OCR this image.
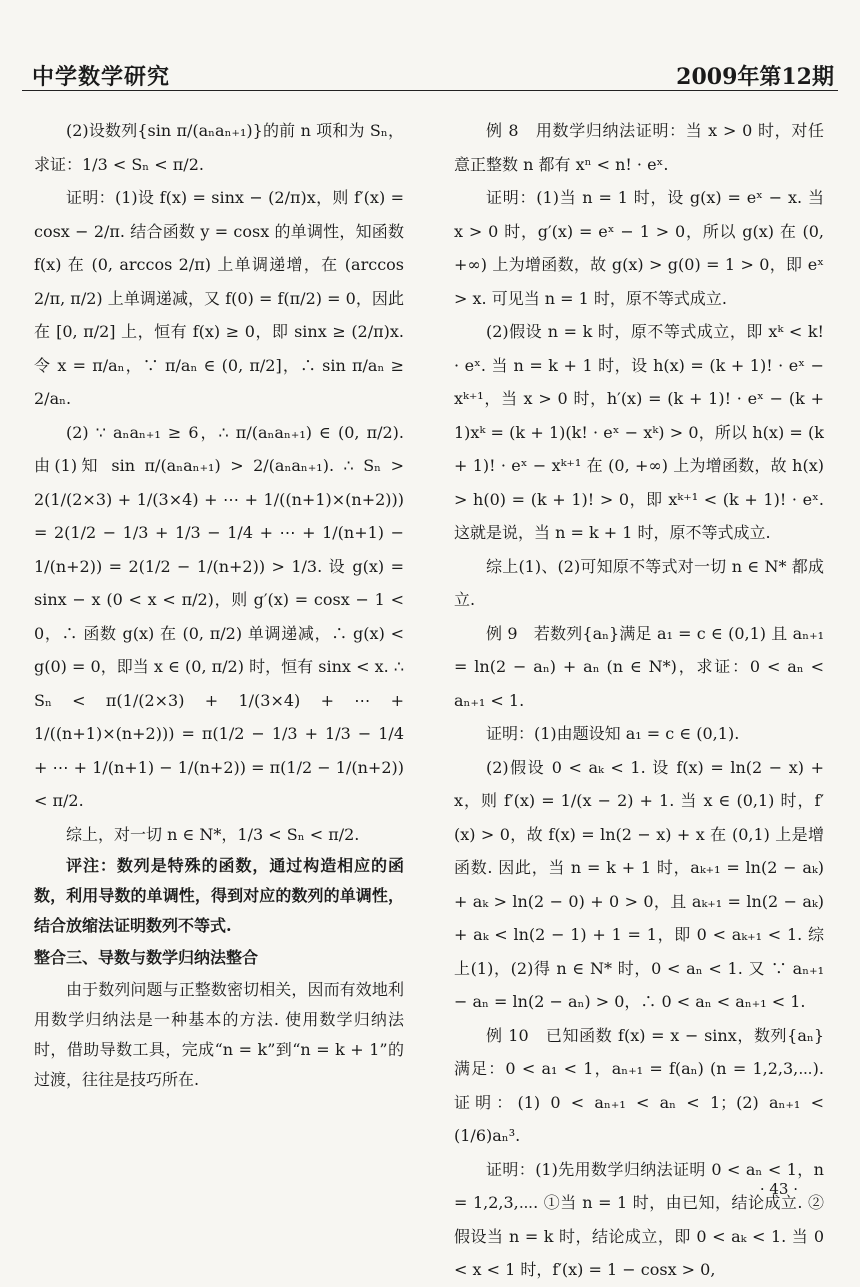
中学数学研究	2009年第12期

(2)设数列{sin π/(aₙaₙ₊₁)}的前 n 项和为 Sₙ，求证：1/3 < Sₙ < π/2.

证明：(1)设 f(x) = sinx − (2/π)x，则 f′(x) = cosx − 2/π. 结合函数 y = cosx 的单调性，知函数 f(x) 在 (0, arccos 2/π) 上单调递增，在 (arccos 2/π, π/2) 上单调递减，又 f(0) = f(π/2) = 0，因此在 [0, π/2] 上，恒有 f(x) ≥ 0，即 sinx ≥ (2/π)x. 令 x = π/aₙ，∵ π/aₙ ∈ (0, π/2]，∴ sin π/aₙ ≥ 2/aₙ.

(2) ∵ aₙaₙ₊₁ ≥ 6，∴ π/(aₙaₙ₊₁) ∈ (0, π/2). 由(1)知 sin π/(aₙaₙ₊₁) > 2/(aₙaₙ₊₁). ∴ Sₙ > 2(1/(2×3) + 1/(3×4) + ⋯ + 1/((n+1)×(n+2))) = 2(1/2 − 1/3 + 1/3 − 1/4 + ⋯ + 1/(n+1) − 1/(n+2)) = 2(1/2 − 1/(n+2)) > 1/3. 设 g(x) = sinx − x (0 < x < π/2)，则 g′(x) = cosx − 1 < 0，∴ 函数 g(x) 在 (0, π/2) 单调递减，∴ g(x) < g(0) = 0，即当 x ∈ (0, π/2) 时，恒有 sinx < x. ∴ Sₙ < π(1/(2×3) + 1/(3×4) + ⋯ + 1/((n+1)×(n+2))) = π(1/2 − 1/3 + 1/3 − 1/4 + ⋯ + 1/(n+1) − 1/(n+2)) = π(1/2 − 1/(n+2)) < π/2.

综上，对一切 n ∈ N*，1/3 < Sₙ < π/2.

评注：数列是特殊的函数，通过构造相应的函数，利用导数的单调性，得到对应的数列的单调性，结合放缩法证明数列不等式.

整合三、导数与数学归纳法整合

由于数列问题与正整数密切相关，因而有效地利用数学归纳法是一种基本的方法. 使用数学归纳法时，借助导数工具，完成“n = k”到“n = k + 1”的过渡，往往是技巧所在.

例 8　用数学归纳法证明：当 x > 0 时，对任意正整数 n 都有 xⁿ < n! · eˣ.

证明：(1)当 n = 1 时，设 g(x) = eˣ − x. 当 x > 0 时，g′(x) = eˣ − 1 > 0，所以 g(x) 在 (0, +∞) 上为增函数，故 g(x) > g(0) = 1 > 0，即 eˣ > x. 可见当 n = 1 时，原不等式成立.

(2)假设 n = k 时，原不等式成立，即 xᵏ < k! · eˣ. 当 n = k + 1 时，设 h(x) = (k + 1)! · eˣ − xᵏ⁺¹，当 x > 0 时，h′(x) = (k + 1)! · eˣ − (k + 1)xᵏ = (k + 1)(k! · eˣ − xᵏ) > 0，所以 h(x) = (k + 1)! · eˣ − xᵏ⁺¹ 在 (0, +∞) 上为增函数，故 h(x) > h(0) = (k + 1)! > 0，即 xᵏ⁺¹ < (k + 1)! · eˣ. 这就是说，当 n = k + 1 时，原不等式成立.

综上(1)、(2)可知原不等式对一切 n ∈ N* 都成立.

例 9　若数列{aₙ}满足 a₁ = c ∈ (0,1) 且 aₙ₊₁ = ln(2 − aₙ) + aₙ (n ∈ N*)，求证：0 < aₙ < aₙ₊₁ < 1.

证明：(1)由题设知 a₁ = c ∈ (0,1).

(2)假设 0 < aₖ < 1. 设 f(x) = ln(2 − x) + x，则 f′(x) = 1/(x − 2) + 1. 当 x ∈ (0,1) 时，f′(x) > 0，故 f(x) = ln(2 − x) + x 在 (0,1) 上是增函数. 因此，当 n = k + 1 时，aₖ₊₁ = ln(2 − aₖ) + aₖ > ln(2 − 0) + 0 > 0，且 aₖ₊₁ = ln(2 − aₖ) + aₖ < ln(2 − 1) + 1 = 1，即 0 < aₖ₊₁ < 1. 综上(1)，(2)得 n ∈ N* 时，0 < aₙ < 1. 又 ∵ aₙ₊₁ − aₙ = ln(2 − aₙ) > 0，∴ 0 < aₙ < aₙ₊₁ < 1.

例 10　已知函数 f(x) = x − sinx，数列{aₙ}满足：0 < a₁ < 1，aₙ₊₁ = f(aₙ) (n = 1,2,3,⋯). 证明：(1) 0 < aₙ₊₁ < aₙ < 1；(2) aₙ₊₁ < (1/6)aₙ³.

证明：(1)先用数学归纳法证明 0 < aₙ < 1，n = 1,2,3,⋯. ①当 n = 1 时，由已知，结论成立. ②假设当 n = k 时，结论成立，即 0 < aₖ < 1. 当 0 < x < 1 时，f′(x) = 1 − cosx > 0,

· 43 ·
